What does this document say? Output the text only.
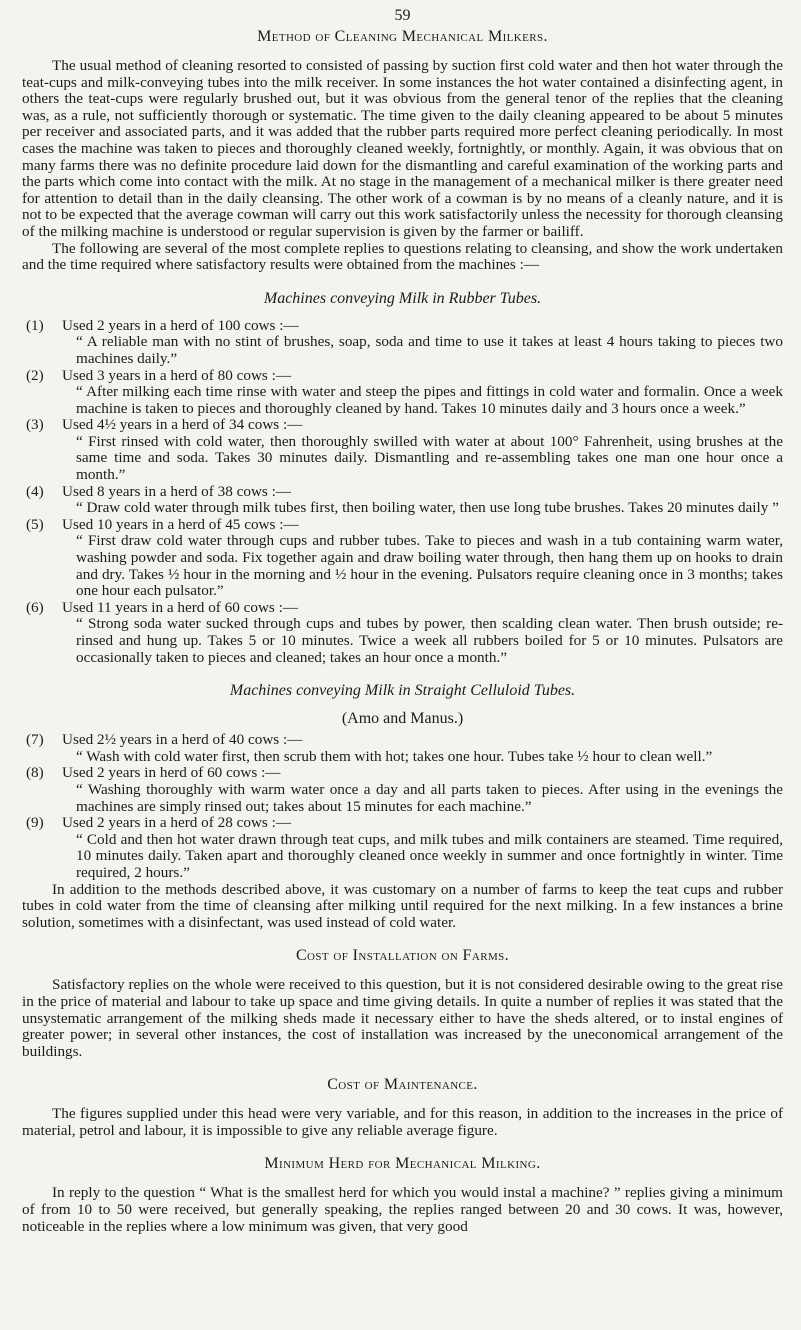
59
Method of Cleaning Mechanical Milkers.

The usual method of cleaning resorted to consisted of passing by suction first cold water and then hot water through the teat-cups and milk-conveying tubes into the milk receiver. In some instances the hot water contained a disinfecting agent, in others the teat-cups were regularly brushed out, but it was obvious from the general tenor of the replies that the cleaning was, as a rule, not sufficiently thorough or systematic. The time given to the daily cleaning appeared to be about 5 minutes per receiver and associated parts, and it was added that the rubber parts required more perfect cleaning periodically. In most cases the machine was taken to pieces and thoroughly cleaned weekly, fortnightly, or monthly. Again, it was obvious that on many farms there was no definite procedure laid down for the dismantling and careful examination of the working parts and the parts which come into contact with the milk. At no stage in the management of a mechanical milker is there greater need for attention to detail than in the daily cleansing. The other work of a cowman is by no means of a cleanly nature, and it is not to be expected that the average cowman will carry out this work satisfactorily unless the necessity for thorough cleansing of the milking machine is understood or regular supervision is given by the farmer or bailiff.

The following are several of the most complete replies to questions relating to cleansing, and show the work undertaken and the time required where satisfactory results were obtained from the machines :—

Machines conveying Milk in Rubber Tubes.
(1)	Used 2 years in a herd of 100 cows :—
“ A reliable man with no stint of brushes, soap, soda and time to use it takes at least 4 hours taking to pieces two machines daily.”
(2)	Used 3 years in a herd of 80 cows :—
“ After milking each time rinse with water and steep the pipes and fittings in cold water and formalin. Once a week machine is taken to pieces and thoroughly cleaned by hand. Takes 10 minutes daily and 3 hours once a week.”
(3)	Used 4½ years in a herd of 34 cows :—
“ First rinsed with cold water, then thoroughly swilled with water at about 100° Fahrenheit, using brushes at the same time and soda. Takes 30 minutes daily. Dismantling and re-assembling takes one man one hour once a month.”
(4)	Used 8 years in a herd of 38 cows :—
“ Draw cold water through milk tubes first, then boiling water, then use long tube brushes. Takes 20 minutes daily ”
(5)	Used 10 years in a herd of 45 cows :—
“ First draw cold water through cups and rubber tubes. Take to pieces and wash in a tub containing warm water, washing powder and soda. Fix together again and draw boiling water through, then hang them up on hooks to drain and dry. Takes ½ hour in the morning and ½ hour in the evening. Pulsators require cleaning once in 3 months; takes one hour each pulsator.”
(6)	Used 11 years in a herd of 60 cows :—
“ Strong soda water sucked through cups and tubes by power, then scalding clean water. Then brush outside; re-rinsed and hung up. Takes 5 or 10 minutes. Twice a week all rubbers boiled for 5 or 10 minutes. Pulsators are occasionally taken to pieces and cleaned; takes an hour once a month.”
Machines conveying Milk in Straight Celluloid Tubes.
(Amo and Manus.)
(7)	Used 2½ years in a herd of 40 cows :—
“ Wash with cold water first, then scrub them with hot; takes one hour. Tubes take ½ hour to clean well.”
(8)	Used 2 years in herd of 60 cows :—
“ Washing thoroughly with warm water once a day and all parts taken to pieces. After using in the evenings the machines are simply rinsed out; takes about 15 minutes for each machine.”
(9)	Used 2 years in a herd of 28 cows :—
“ Cold and then hot water drawn through teat cups, and milk tubes and milk containers are steamed. Time required, 10 minutes daily. Taken apart and thoroughly cleaned once weekly in summer and once fortnightly in winter. Time required, 2 hours.”

In addition to the methods described above, it was customary on a number of farms to keep the teat cups and rubber tubes in cold water from the time of cleansing after milking until required for the next milking. In a few instances a brine solution, sometimes with a disinfectant, was used instead of cold water.

Cost of Installation on Farms.

Satisfactory replies on the whole were received to this question, but it is not considered desirable owing to the great rise in the price of material and labour to take up space and time giving details. In quite a number of replies it was stated that the unsystematic arrangement of the milking sheds made it necessary either to have the sheds altered, or to instal engines of greater power; in several other instances, the cost of installation was increased by the uneconomical arrangement of the buildings.

Cost of Maintenance.

The figures supplied under this head were very variable, and for this reason, in addition to the increases in the price of material, petrol and labour, it is impossible to give any reliable average figure.

Minimum Herd for Mechanical Milking.

In reply to the question “ What is the smallest herd for which you would instal a machine? ” replies giving a minimum of from 10 to 50 were received, but generally speaking, the replies ranged between 20 and 30 cows. It was, however, noticeable in the replies where a low minimum was given, that very good
